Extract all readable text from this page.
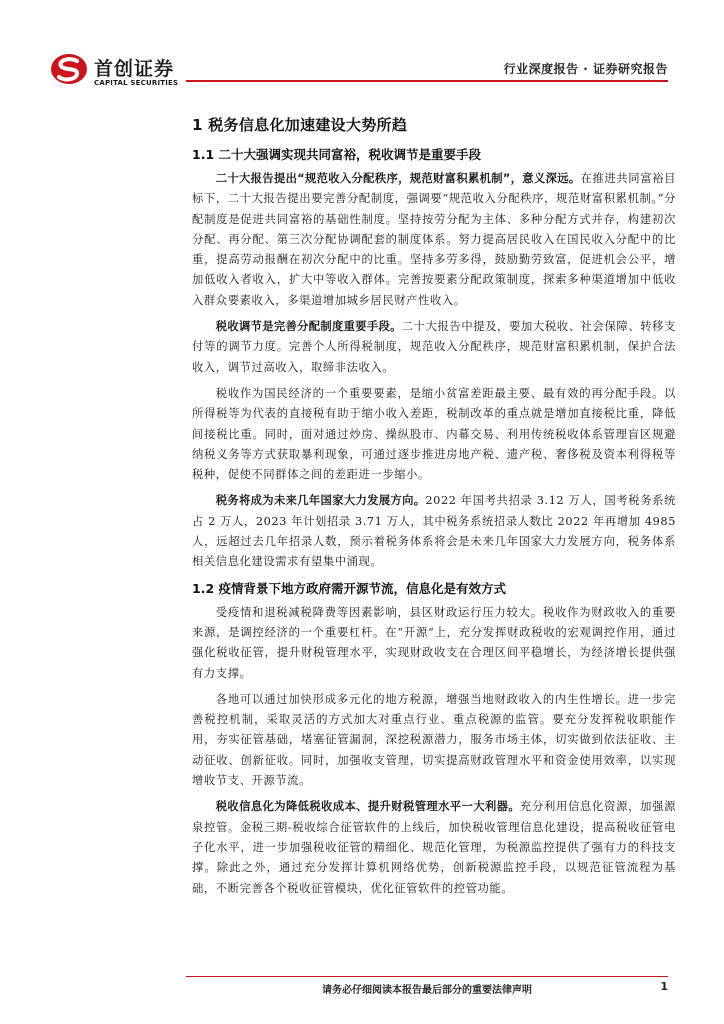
首创证券
CAPITAL SECURITIES
行业深度报告 · 证券研究报告
1 税务信息化加速建设大势所趋
1.1 二十大强调实现共同富裕，税收调节是重要手段

二十大报告提出“规范收入分配秩序，规范财富积累机制”，意义深远。在推进共同富裕目标下，二十大报告提出要完善分配制度，强调要“规范收入分配秩序，规范财富积累机制。”分配制度是促进共同富裕的基础性制度。坚持按劳分配为主体、多种分配方式并存，构建初次分配、再分配、第三次分配协调配套的制度体系。努力提高居民收入在国民收入分配中的比重，提高劳动报酬在初次分配中的比重。坚持多劳多得，鼓励勤劳致富，促进机会公平，增加低收入者收入，扩大中等收入群体。完善按要素分配政策制度，探索多种渠道增加中低收入群众要素收入，多渠道增加城乡居民财产性收入。

税收调节是完善分配制度重要手段。二十大报告中提及，要加大税收、社会保障、转移支付等的调节力度。完善个人所得税制度，规范收入分配秩序，规范财富积累机制，保护合法收入，调节过高收入，取缔非法收入。

税收作为国民经济的一个重要要素，是缩小贫富差距最主要、最有效的再分配手段。以所得税等为代表的直接税有助于缩小收入差距，税制改革的重点就是增加直接税比重，降低间接税比重。同时，面对通过炒房、操纵股市、内幕交易、利用传统税收体系管理盲区规避纳税义务等方式获取暴利现象，可通过逐步推进房地产税、遗产税、奢侈税及资本利得税等税种，促使不同群体之间的差距进一步缩小。

税务将成为未来几年国家大力发展方向。2022 年国考共招录 3.12 万人，国考税务系统占 2 万人，2023 年计划招录 3.71 万人，其中税务系统招录人数比 2022 年再增加 4985 人，远超过去几年招录人数，预示着税务体系将会是未来几年国家大力发展方向，税务体系相关信息化建设需求有望集中涌现。

1.2 疫情背景下地方政府需开源节流，信息化是有效方式

受疫情和退税减税降费等因素影响，县区财政运行压力较大。税收作为财政收入的重要来源，是调控经济的一个重要杠杆。在“开源”上，充分发挥财政税收的宏观调控作用，通过强化税收征管，提升财税管理水平，实现财政收支在合理区间平稳增长，为经济增长提供强有力支撑。

各地可以通过加快形成多元化的地方税源，增强当地财政收入的内生性增长。进一步完善税控机制，采取灵活的方式加大对重点行业、重点税源的监管。要充分发挥税收职能作用，夯实征管基础，堵塞征管漏洞，深挖税源潜力，服务市场主体，切实做到依法征收、主动征收、创新征收。同时，加强收支管理，切实提高财政管理水平和资金使用效率，以实现增收节支、开源节流。

税收信息化为降低税收成本、提升财税管理水平一大利器。充分利用信息化资源，加强源泉控管。金税三期-税收综合征管软件的上线后，加快税收管理信息化建设，提高税收征管电子化水平，进一步加强税收征管的精细化、规范化管理，为税源监控提供了强有力的科技支撑。除此之外，通过充分发挥计算机网络优势，创新税源监控手段，以规范征管流程为基础，不断完善各个税收征管模块，优化征管软件的控管功能。

请务必仔细阅读本报告最后部分的重要法律声明	1
